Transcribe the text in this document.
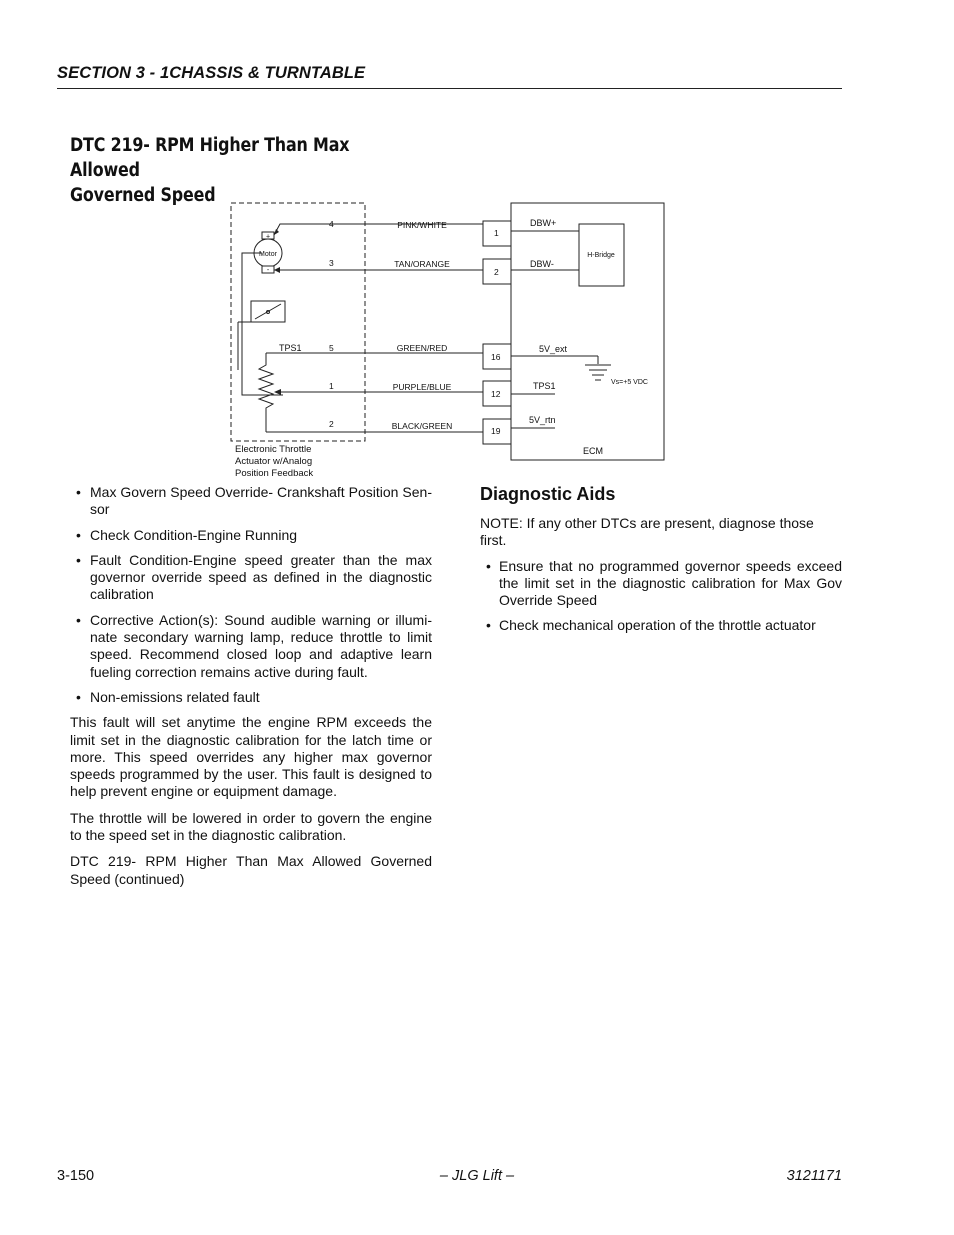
SECTION 3 - 1CHASSIS & TURNTABLE
DTC 219- RPM Higher Than Max Allowed
Governed Speed
Motor
+
-
TPS1
4
3
5
1
2
PINK/WHITE
TAN/ORANGE
GREEN/RED
PURPLE/BLUE
BLACK/GREEN
1
2
16
12
19
DBW+
DBW-
5V_ext
TPS1
5V_rtn
H-Bridge
Vs=+5 VDC
ECM
Electronic Throttle
Actuator w/Analog
Position Feedback
• Max Govern Speed Override- Crankshaft Position Sen-sor
• Check Condition-Engine Running
• Fault Condition-Engine speed greater than the max governor override speed as defined in the diagnostic calibration
• Corrective Action(s): Sound audible warning or illumi-nate secondary warning lamp, reduce throttle to limit speed. Recommend closed loop and adaptive learn fueling correction remains active during fault.
• Non-emissions related fault

This fault will set anytime the engine RPM exceeds the limit set in the diagnostic calibration for the latch time or more. This speed overrides any higher max governor speeds programmed by the user. This fault is designed to help prevent engine or equipment damage.

The throttle will be lowered in order to govern the engine to the speed set in the diagnostic calibration.

DTC 219- RPM Higher Than Max Allowed Governed Speed (continued)

Diagnostic Aids

NOTE: If any other DTCs are present, diagnose those first.

• Ensure that no programmed governor speeds exceed the limit set in the diagnostic calibration for Max Gov Override Speed
• Check mechanical operation of the throttle actuator
3-150	– JLG Lift –	3121171
